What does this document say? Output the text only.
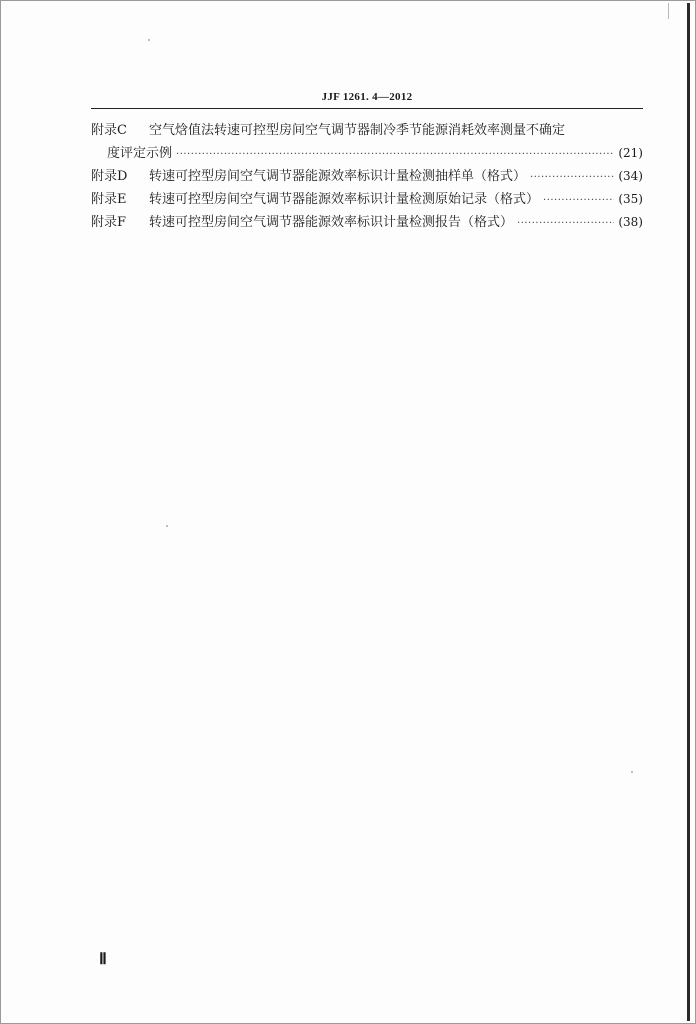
JJF 1261. 4—2012
附录C	空气焓值法转速可控型房间空气调节器制冷季节能源消耗效率测量不确定
度评定示例 ·····	(21)
附录D	转速可控型房间空气调节器能源效率标识计量检测抽样单（格式） ·····	(34)
附录E	转速可控型房间空气调节器能源效率标识计量检测原始记录（格式） ·····	(35)
附录F	转速可控型房间空气调节器能源效率标识计量检测报告（格式） ·····	(38)
Ⅱ
